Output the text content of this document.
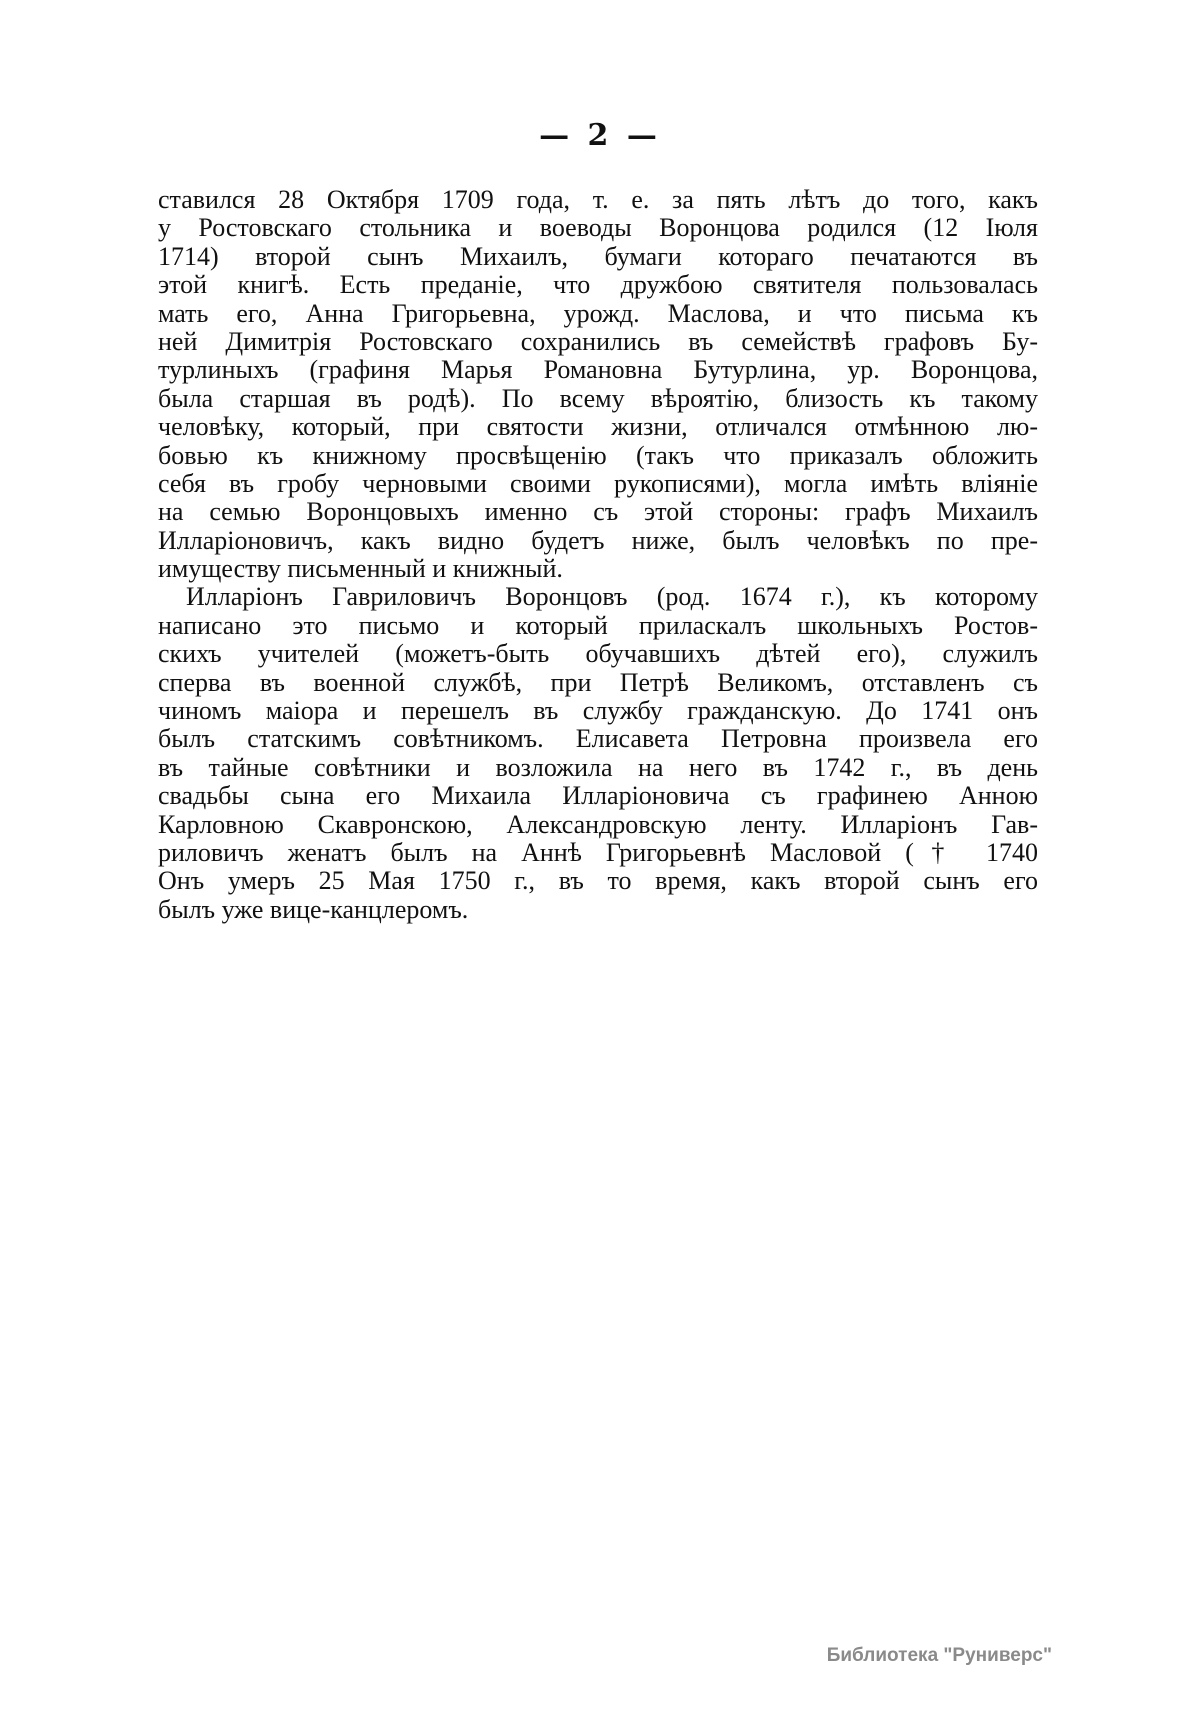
— 2 —
ставился 28 Октября 1709 года, т. е. за пять лѣтъ до того, какъ
у Ростовскаго стольника и воеводы Воронцова родился (12 Іюля
1714) второй сынъ Михаилъ, бумаги котораго печатаются въ
этой книгѣ. Есть преданіе, что дружбою святителя пользовалась
мать его, Анна Григорьевна, урожд. Маслова, и что письма къ
ней Димитрія Ростовскаго сохранились въ семействѣ графовъ Бу-
турлиныхъ (графиня Марья Романовна Бутурлина, ур. Воронцова,
была старшая въ родѣ). По всему вѣроятію, близость къ такому
человѣку, который, при святости жизни, отличался отмѣнною лю-
бовью къ книжному просвѣщенію (такъ что приказалъ обложить
себя въ гробу черновыми своими рукописями), могла имѣть вліяніе
на семью Воронцовыхъ именно съ этой стороны: графъ Михаилъ
Илларіоновичъ, какъ видно будетъ ниже, былъ человѣкъ по пре-
имуществу письменный и книжный.
Илларіонъ Гавриловичъ Воронцовъ (род. 1674 г.), къ которому
написано это письмо и который приласкалъ школьныхъ Ростов-
скихъ учителей (можетъ-быть обучавшихъ дѣтей его), служилъ
сперва въ военной службѣ, при Петрѣ Великомъ, отставленъ съ
чиномъ маіора и перешелъ въ службу гражданскую. До 1741 онъ
былъ статскимъ совѣтникомъ. Елисавета Петровна произвела его
въ тайные совѣтники и возложила на него въ 1742 г., въ день
свадьбы сына его Михаила Илларіоновича съ графинею Анною
Карловною Скавронскою, Александровскую ленту. Илларіонъ Гав-
риловичъ женатъ былъ на Аннѣ Григорьевнѣ Масловой († 1740
Онъ умеръ 25 Мая 1750 г., въ то время, какъ второй сынъ его
былъ уже вице-канцлеромъ.
Библиотека "Руниверс"
